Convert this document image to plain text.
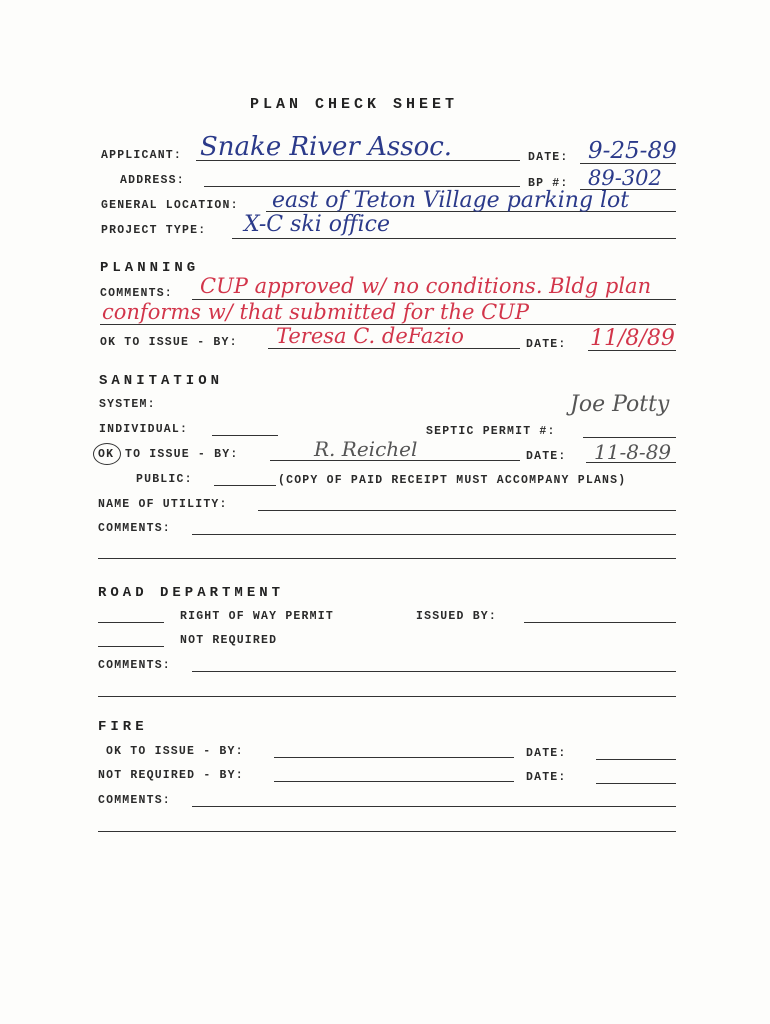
PLAN CHECK SHEET
APPLICANT: Snake River Assoc.	DATE: 9-25-89
ADDRESS:	BP #: 89-302
GENERAL LOCATION: east of Teton Village parking lot
PROJECT TYPE: X-C ski office
PLANNING
COMMENTS: CUP approved w/ no conditions. Bldg plan
conforms w/ that submitted for the CUP
OK TO ISSUE - BY: Teresa C. deFazio	DATE: 11/8/89
SANITATION
SYSTEM:	Joe Potty
INDIVIDUAL:	SEPTIC PERMIT #:
OK TO ISSUE - BY:	R. Reichel	DATE: 11-8-89
PUBLIC:	(COPY OF PAID RECEIPT MUST ACCOMPANY PLANS)
NAME OF UTILITY:
COMMENTS:
ROAD DEPARTMENT
RIGHT OF WAY PERMIT	ISSUED BY:
NOT REQUIRED
COMMENTS:
FIRE
OK TO ISSUE - BY:	DATE:
NOT REQUIRED - BY:	DATE:
COMMENTS:
